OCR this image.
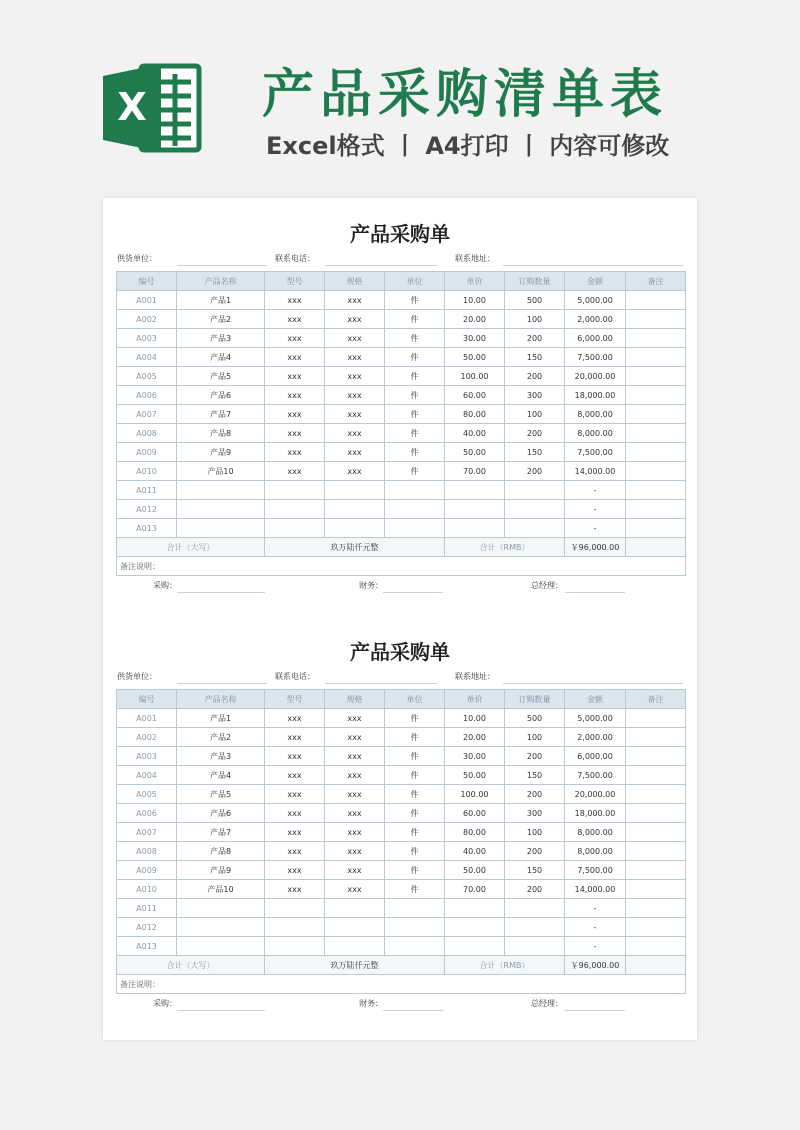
X 产品采购清单表
Excel格式 丨 A4打印 丨 内容可修改
产品采购单
供货单位：	联系电话：	联系地址：
编号	产品名称	型号	规格	单位	单价	订购数量	金额	备注
A001	产品1	xxx	xxx	件	10.00	500	5,000.00	
A002	产品2	xxx	xxx	件	20.00	100	2,000.00	
A003	产品3	xxx	xxx	件	30.00	200	6,000.00	
A004	产品4	xxx	xxx	件	50.00	150	7,500.00	
A005	产品5	xxx	xxx	件	100.00	200	20,000.00	
A006	产品6	xxx	xxx	件	60.00	300	18,000.00	
A007	产品7	xxx	xxx	件	80.00	100	8,000.00	
A008	产品8	xxx	xxx	件	40.00	200	8,000.00	
A009	产品9	xxx	xxx	件	50.00	150	7,500.00	
A010	产品10	xxx	xxx	件	70.00	200	14,000.00	
A011							-	
A012							-	
A013							-	
合计（大写）		玖万陆仟元整			合计（RMB）		￥96,000.00	
备注说明：								
采购：	财务：	总经理：
产品采购单
供货单位：	联系电话：	联系地址：
编号	产品名称	型号	规格	单位	单价	订购数量	金额	备注
A001	产品1	xxx	xxx	件	10.00	500	5,000.00	
A002	产品2	xxx	xxx	件	20.00	100	2,000.00	
A003	产品3	xxx	xxx	件	30.00	200	6,000.00	
A004	产品4	xxx	xxx	件	50.00	150	7,500.00	
A005	产品5	xxx	xxx	件	100.00	200	20,000.00	
A006	产品6	xxx	xxx	件	60.00	300	18,000.00	
A007	产品7	xxx	xxx	件	80.00	100	8,000.00	
A008	产品8	xxx	xxx	件	40.00	200	8,000.00	
A009	产品9	xxx	xxx	件	50.00	150	7,500.00	
A010	产品10	xxx	xxx	件	70.00	200	14,000.00	
A011							-	
A012							-	
A013							-	
合计（大写）		玖万陆仟元整			合计（RMB）		￥96,000.00	
备注说明：								
采购：	财务：	总经理：
